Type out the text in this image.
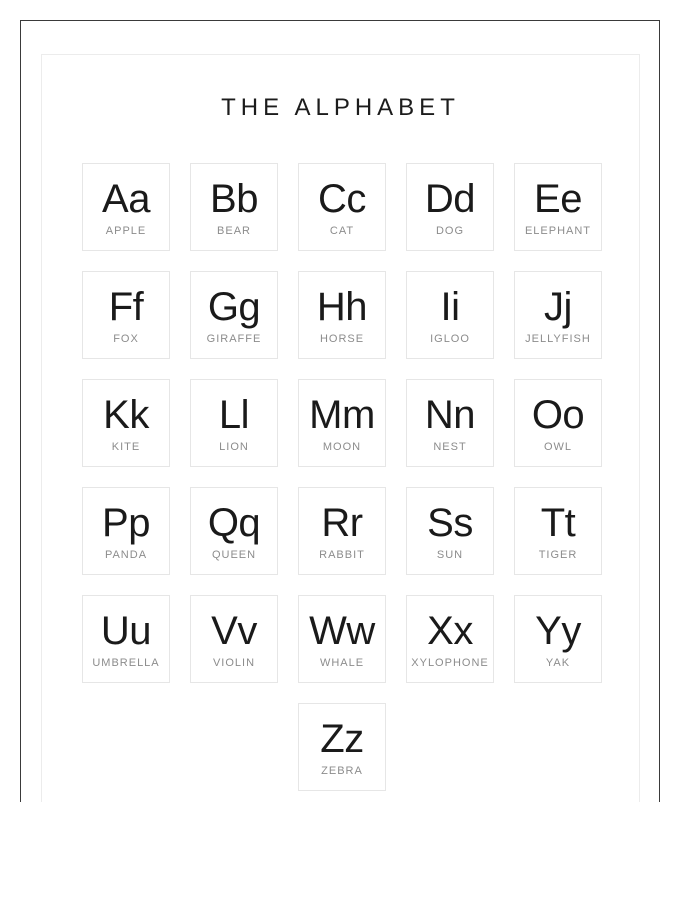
THE ALPHABET
Aa
APPLE
Bb
BEAR
Cc
CAT
Dd
DOG
Ee
ELEPHANT
Ff
FOX
Gg
GIRAFFE
Hh
HORSE
Ii
IGLOO
Jj
JELLYFISH
Kk
KITE
Ll
LION
Mm
MOON
Nn
NEST
Oo
OWL
Pp
PANDA
Qq
QUEEN
Rr
RABBIT
Ss
SUN
Tt
TIGER
Uu
UMBRELLA
Vv
VIOLIN
Ww
WHALE
Xx
XYLOPHONE
Yy
YAK
Zz
ZEBRA
